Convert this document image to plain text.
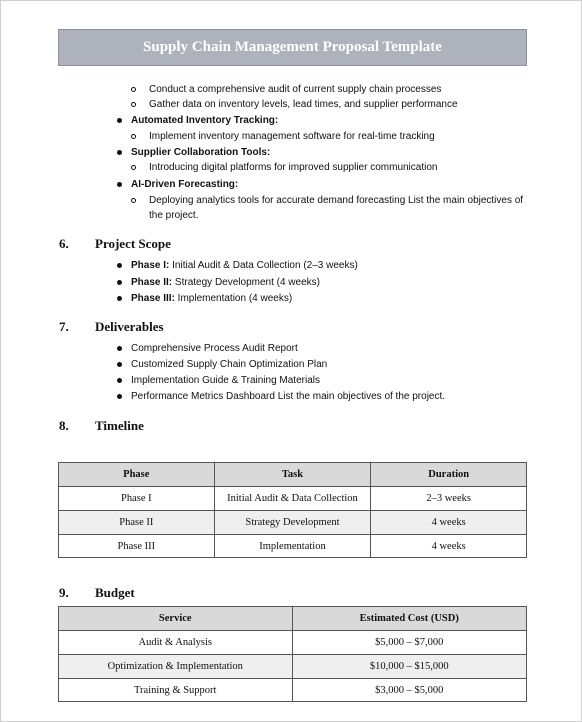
Supply Chain Management Proposal Template
Conduct a comprehensive audit of current supply chain processes
Gather data on inventory levels, lead times, and supplier performance
Automated Inventory Tracking:
Implement inventory management software for real-time tracking
Supplier Collaboration Tools:
Introducing digital platforms for improved supplier communication
AI-Driven Forecasting:
Deploying analytics tools for accurate demand forecasting List the main objectives of
the project.
6. Project Scope
Phase I: Initial Audit & Data Collection (2–3 weeks)
Phase II: Strategy Development (4 weeks)
Phase III: Implementation (4 weeks)
7. Deliverables
Comprehensive Process Audit Report
Customized Supply Chain Optimization Plan
Implementation Guide & Training Materials
Performance Metrics Dashboard List the main objectives of the project.
8. Timeline
Phase	Task	Duration
Phase I	Initial Audit & Data Collection	2–3 weeks
Phase II	Strategy Development	4 weeks
Phase III	Implementation	4 weeks
9. Budget
Service	Estimated Cost (USD)
Audit & Analysis	$5,000 – $7,000
Optimization & Implementation	$10,000 – $15,000
Training & Support	$3,000 – $5,000
